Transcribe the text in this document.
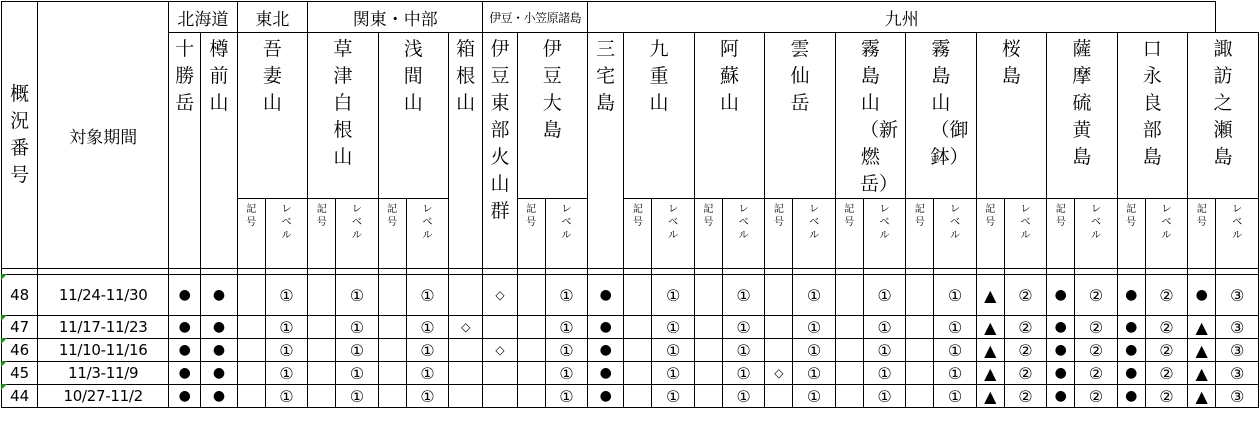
概況番号	対象期間	北海道		東北		関東・中部					伊豆・小笠原諸島			九州																		

		十勝岳	樽前山	吾妻山		草津白根山		浅間山		箱根山	伊豆東部火山群	伊豆大島		三宅島	九重山		阿蘇山		雲仙岳		霧島山（新燃岳）		霧島山（御鉢）		桜　島		薩摩硫黄島		口永良部島		諏訪之瀬島	

				記号	レベル	記号	レベル	記号	レベル			記号	レベル		記号	レベル	記号	レベル	記号	レベル	記号	レベル	記号	レベル	記号	レベル	記号	レベル	記号	レベル	記号	レベル

48	11/24-11/30	●	●		①		①		①		◇		①	●		①		①		①		①		①	▲	②	●	②	●	②	●	③
47	11/17-11/23	●	●		①		①		①	◇			①	●		①		①		①		①		①	▲	②	●	②	●	②	▲	③
46	11/10-11/16	●	●		①		①		①		◇		①	●		①		①		①		①		①	▲	②	●	②	●	②	▲	③
45	11/3-11/9	●	●		①		①		①				①	●		①		①	◇	①		①		①	▲	②	●	②	●	②	▲	③
44	10/27-11/2	●	●		①		①		①				①	●		①		①		①		①		①	▲	②	●	②	●	②	▲	③
